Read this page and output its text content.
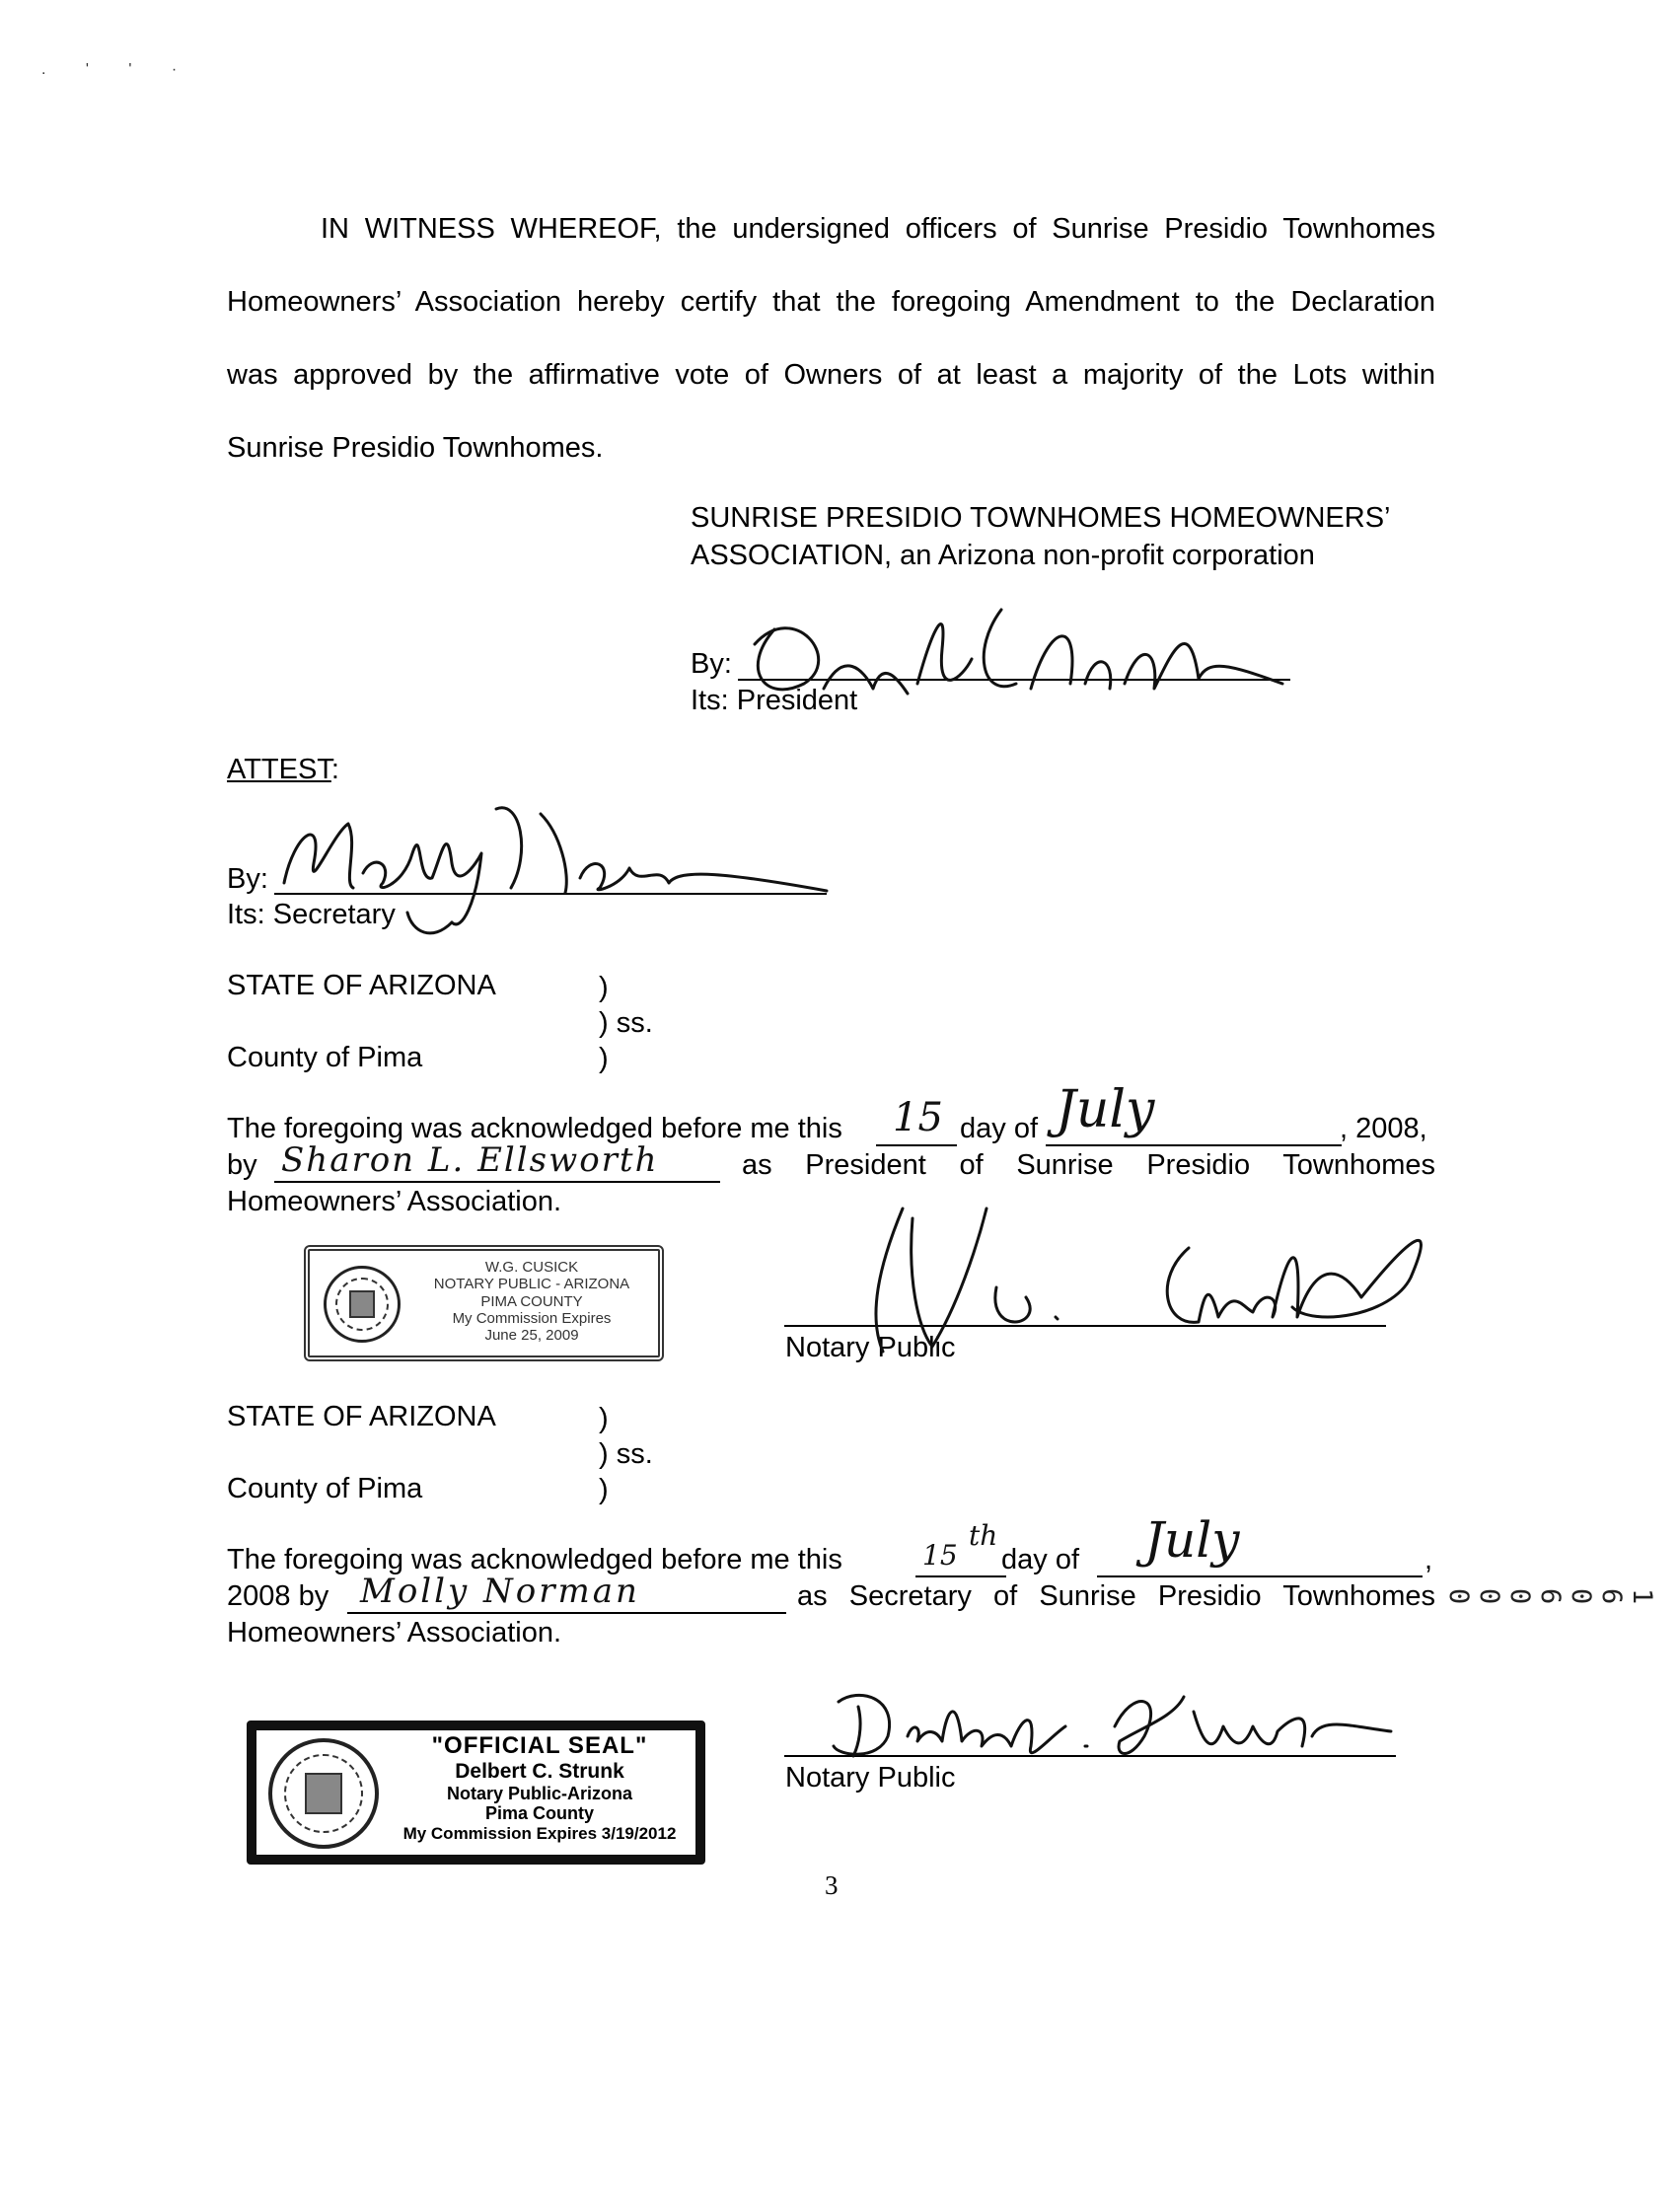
. ' ' ·
IN WITNESS WHEREOF, the undersigned officers of Sunrise Presidio Townhomes
Homeowners’ Association hereby certify that the foregoing Amendment to the Declaration
was approved by the affirmative vote of Owners of at least a majority of the Lots within
Sunrise Presidio Townhomes.
SUNRISE PRESIDIO TOWNHOMES HOMEOWNERS’
ASSOCIATION, an Arizona non-profit corporation
By:
Its: President
ATTEST:
By:
Its: Secretary
STATE OF ARIZONA	)
) ss.
County of Pima	)
The foregoing was acknowledged before me this 15 day of July	, 2008,
by Sharon L. Ellsworth	as President of Sunrise Presidio Townhomes
Homeowners’ Association.
W.G. CUSICK
NOTARY PUBLIC - ARIZONA
PIMA COUNTY
My Commission Expires
June 25, 2009	Notary Public
STATE OF ARIZONA	)
) ss.
County of Pima	)
The foregoing was acknowledged before me this	15
th
day of July	,
2008 by Molly Norman	as Secretary of Sunrise Presidio Townhomes
Homeowners’ Association.
"OFFICIAL SEAL"
Delbert C. Strunk
Notary Public-Arizona
Pima County
My Commission Expires 3/19/2012
Notary Public
3
1 6 0 6 0 0 0
